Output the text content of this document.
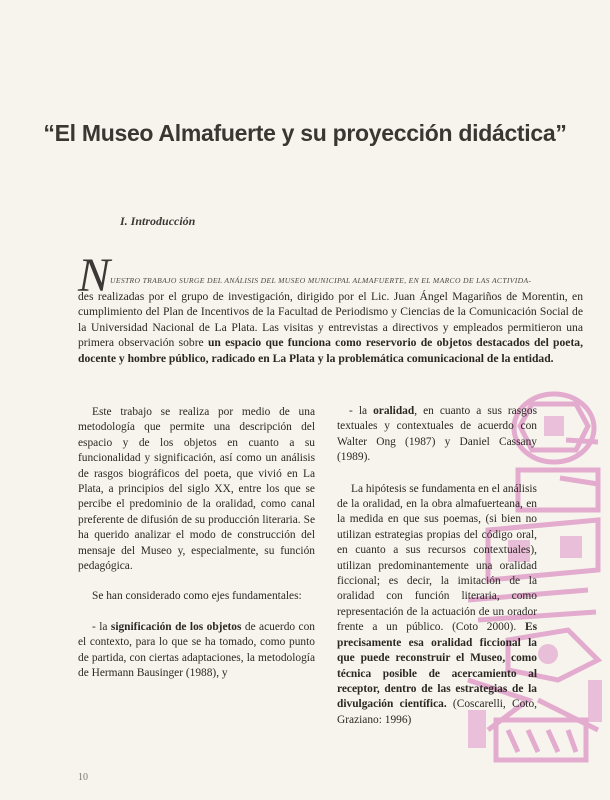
“El Museo Almafuerte y su proyección didáctica”
I. Introducción
N UESTRO TRABAJO SURGE DEL ANÁLISIS DEL MUSEO MUNICIPAL ALMAFUERTE, EN EL MARCO DE LAS ACTIVIDA-
des realizadas por el grupo de investigación, dirigido por el Lic. Juan Ángel Magariños de Morentin, en cumplimiento del Plan de Incentivos de la Facultad de Periodismo y Ciencias de la Comunicación Social de la Universidad Nacional de La Plata. Las visitas y entrevistas a directivos y empleados permitieron una primera observación sobre un espacio que funciona como reservorio de objetos destacados del poeta, docente y hombre público, radicado en La Plata y la problemática comunicacional de la entidad.

Este trabajo se realiza por medio de una metodología que permite una descripción del espacio y de los objetos en cuanto a su funcionalidad y significación, así como un análisis de rasgos biográficos del poeta, que vivió en La Plata, a principios del siglo XX, entre los que se percibe el predominio de la oralidad, como canal preferente de difusión de su producción literaria. Se ha querido analizar el modo de construcción del mensaje del Museo y, especialmente, su función pedagógica.

Se han considerado como ejes fundamentales:

- la significación de los objetos de acuerdo con el contexto, para lo que se ha tomado, como punto de partida, con ciertas adaptaciones, la metodología de Hermann Bausinger (1988), y

- la oralidad, en cuanto a sus rasgos textuales y contextuales de acuerdo con Walter Ong (1987) y Daniel Cassany (1989).

La hipótesis se fundamenta en el análisis de la oralidad, en la obra almafuerteana, en la medida en que sus poemas, (si bien no utilizan estrategias propias del código oral, en cuanto a sus recursos contextuales), utilizan predominantemente una oralidad ficcional; es decir, la imitación de la oralidad con función literaria, como representación de la actuación de un orador frente a un público. (Coto 2000). Es precisamente esa oralidad ficcional la que puede reconstruir el Museo, como técnica posible de acercamiento al receptor, dentro de las estrategias de la divulgación científica. (Coscarelli, Coto, Graziano: 1996)

10
